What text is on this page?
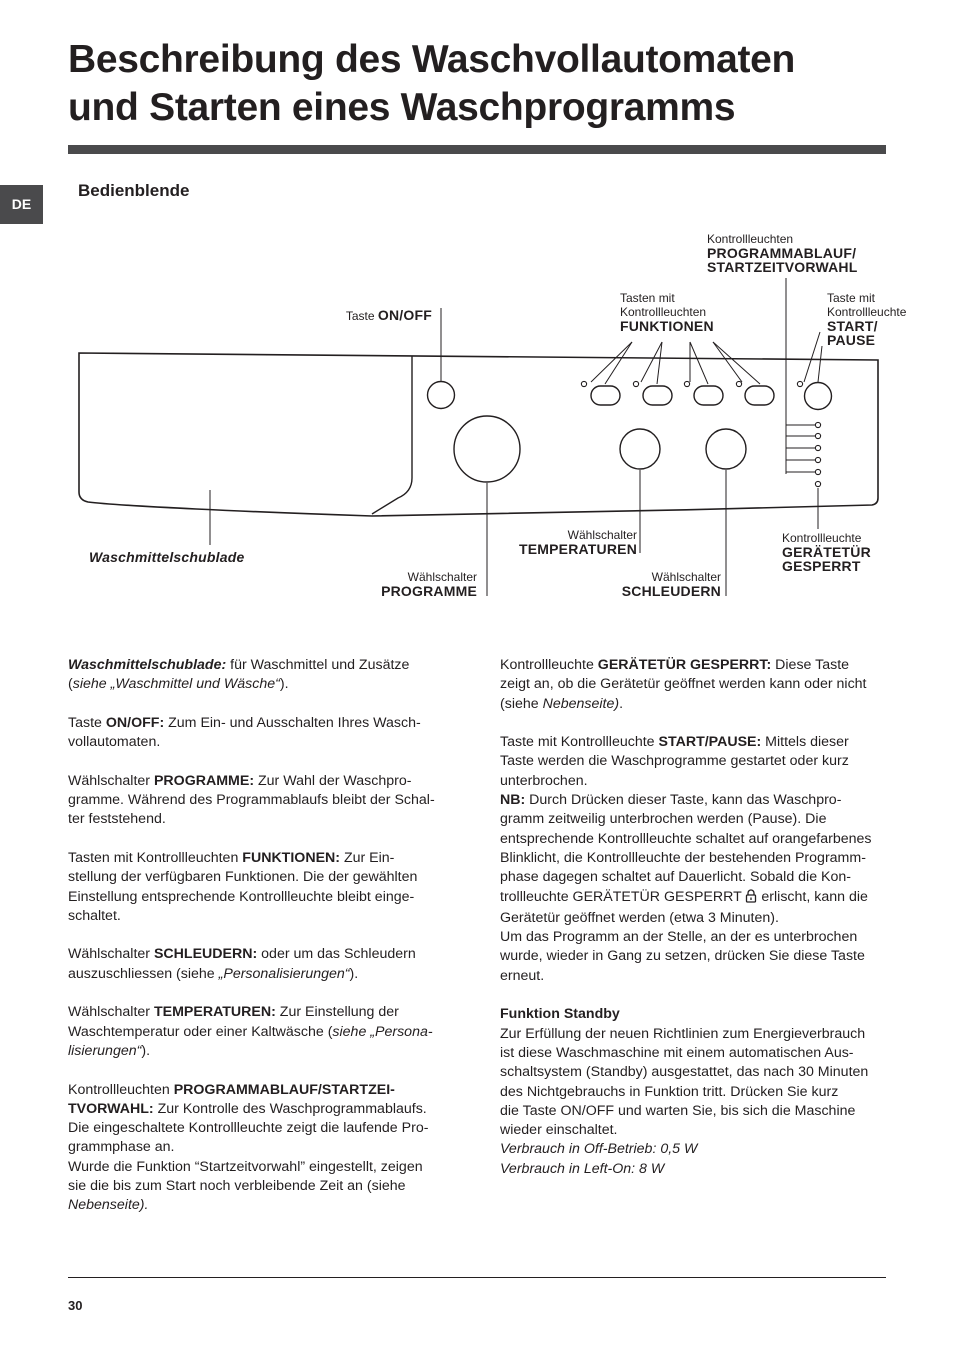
Beschreibung des Waschvollautomaten
und Starten eines Waschprogramms
DE
Bedienblende
Taste ON/OFF
Tasten mit
Kontrollleuchten
FUNKTIONEN
Kontrollleuchten
PROGRAMMABLAUF/
STARTZEITVORWAHL
Taste mit
Kontrollleuchte
START/
PAUSE
Waschmittelschublade
Wählschalter
PROGRAMME
Wählschalter
TEMPERATUREN
Wählschalter
SCHLEUDERN
Kontrollleuchte
GERÄTETÜR
GESPERRT

Waschmittelschublade: für Waschmittel und Zusätze
(siehe „Waschmittel und Wäsche“).

Taste ON/OFF: Zum Ein- und Ausschalten Ihres Wasch-
vollautomaten.

Wählschalter PROGRAMME: Zur Wahl der Waschpro-
gramme. Während des Programmablaufs bleibt der Schal-
ter feststehend.

Tasten mit Kontrollleuchten FUNKTIONEN: Zur Ein-
stellung der verfügbaren Funktionen. Die der gewählten
Einstellung entsprechende Kontrollleuchte bleibt einge-
schaltet.

Wählschalter SCHLEUDERN: oder um das Schleudern
auszuschliessen (siehe „Personalisierungen“).

Wählschalter TEMPERATUREN: Zur Einstellung der
Waschtemperatur oder einer Kaltwäsche (siehe „Persona-
lisierungen“).

Kontrollleuchten PROGRAMMABLAUF/STARTZEI-
TVORWAHL: Zur Kontrolle des Waschprogrammablaufs.
Die eingeschaltete Kontrollleuchte zeigt die laufende Pro-
grammphase an.
Wurde die Funktion “Startzeitvorwahl” eingestellt, zeigen
sie die bis zum Start noch verbleibende Zeit an (siehe
Nebenseite).

Kontrollleuchte GERÄTETÜR GESPERRT: Diese Taste
zeigt an, ob die Gerätetür geöffnet werden kann oder nicht
(siehe Nebenseite).

Taste mit Kontrollleuchte START/PAUSE: Mittels dieser
Taste werden die Waschprogramme gestartet oder kurz
unterbrochen.

NB: Durch Drücken dieser Taste, kann das Waschpro-
gramm zeitweilig unterbrochen werden (Pause). Die
entsprechende Kontrollleuchte schaltet auf orangefarbenes
Blinklicht, die Kontrollleuchte der bestehenden Programm-
phase dagegen schaltet auf Dauerlicht. Sobald die Kon-
trollleuchte GERÄTETÜR GESPERRT  erlischt, kann die
Gerätetür geöffnet werden (etwa 3 Minuten).
Um das Programm an der Stelle, an der es unterbrochen
wurde, wieder in Gang zu setzen, drücken Sie diese Taste
erneut.

Funktion Standby
Zur Erfüllung der neuen Richtlinien zum Energieverbrauch
ist diese Waschmaschine mit einem automatischen Aus-
schaltsystem (Standby) ausgestattet, das nach 30 Minuten
des Nichtgebrauchs in Funktion tritt. Drücken Sie kurz
die Taste ON/OFF und warten Sie, bis sich die Maschine
wieder einschaltet.
Verbrauch in Off-Betrieb: 0,5 W
Verbrauch in Left-On: 8 W

30
